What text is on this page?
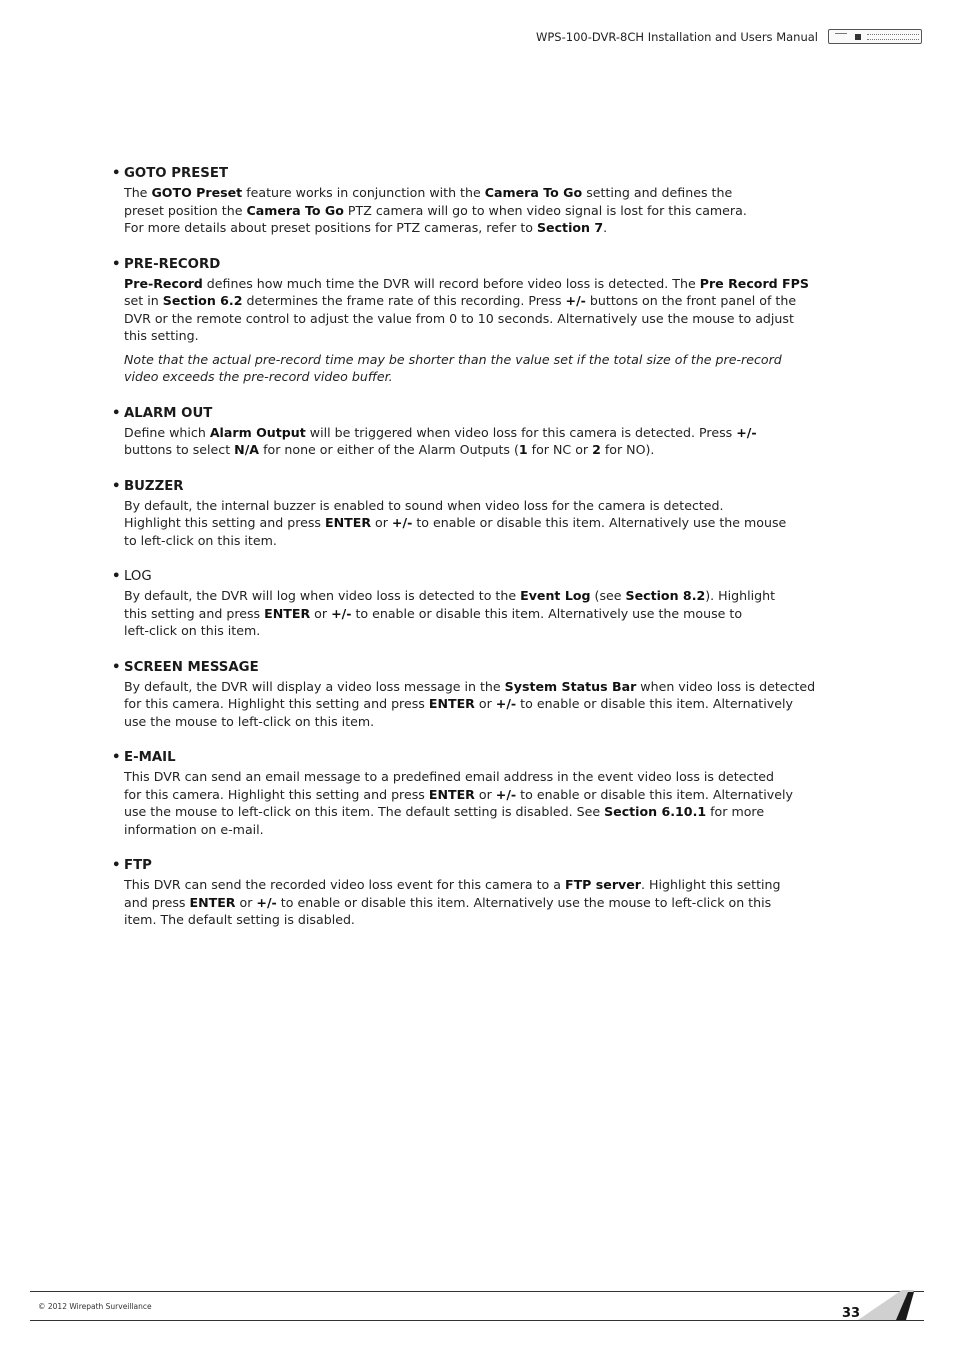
WPS-100-DVR-8CH Installation and Users Manual
• GOTO PRESET

The GOTO Preset feature works in conjunction with the Camera To Go setting and defines the
preset position the Camera To Go PTZ camera will go to when video signal is lost for this camera.
For more details about preset positions for PTZ cameras, refer to Section 7.

• PRE-RECORD

Pre-Record defines how much time the DVR will record before video loss is detected. The Pre Record FPS
set in Section 6.2 determines the frame rate of this recording. Press +/- buttons on the front panel of the
DVR or the remote control to adjust the value from 0 to 10 seconds. Alternatively use the mouse to adjust
this setting.

Note that the actual pre-record time may be shorter than the value set if the total size of the pre-record
video exceeds the pre-record video buffer.

• ALARM OUT

Define which Alarm Output will be triggered when video loss for this camera is detected. Press +/-
buttons to select N/A for none or either of the Alarm Outputs (1 for NC or 2 for NO).

• BUZZER

By default, the internal buzzer is enabled to sound when video loss for the camera is detected.
Highlight this setting and press ENTER or +/- to enable or disable this item. Alternatively use the mouse
to left-click on this item.

• LOG

By default, the DVR will log when video loss is detected to the Event Log (see Section 8.2). Highlight
this setting and press ENTER or +/- to enable or disable this item. Alternatively use the mouse to
left-click on this item.

• SCREEN MESSAGE

By default, the DVR will display a video loss message in the System Status Bar when video loss is detected
for this camera. Highlight this setting and press ENTER or +/- to enable or disable this item. Alternatively
use the mouse to left-click on this item.

• E-MAIL

This DVR can send an email message to a predefined email address in the event video loss is detected
for this camera. Highlight this setting and press ENTER or +/- to enable or disable this item. Alternatively
use the mouse to left-click on this item. The default setting is disabled. See Section 6.10.1 for more
information on e-mail.

• FTP

This DVR can send the recorded video loss event for this camera to a FTP server. Highlight this setting
and press ENTER or +/- to enable or disable this item. Alternatively use the mouse to left-click on this
item. The default setting is disabled.

© 2012 Wirepath Surveillance	33
